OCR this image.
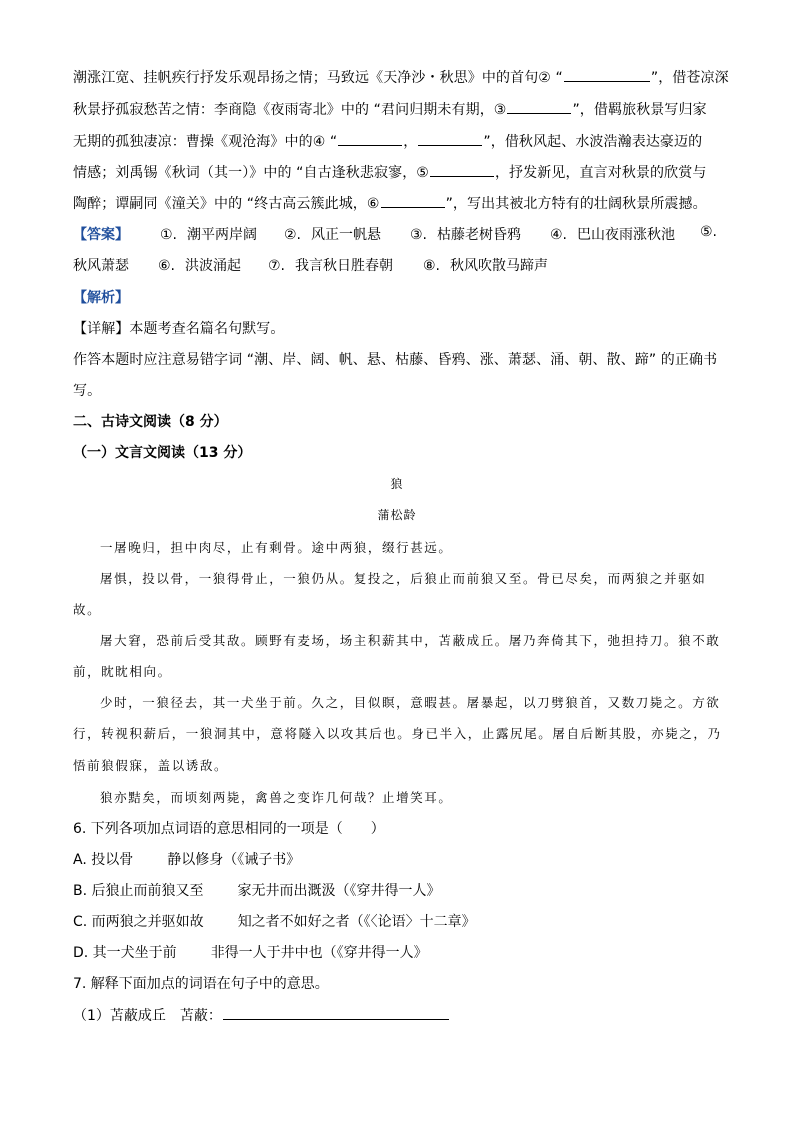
潮涨江宽、挂帆疾行抒发乐观昂扬之情；马致远《天净沙・秋思》中的首句② “	”，借苍凉深
秋景抒孤寂愁苦之情：李商隐《夜雨寄北》中的 “君问归期未有期，③	”，借羁旅秋景写归家
无期的孤独凄凉：曹操《观沧海》中的④ “	，	”，借秋风起、水波浩瀚表达豪迈的
情感；刘禹锡《秋词（其一）》中的 “自古逢秋悲寂寥，⑤	，抒发新见，直言对秋景的欣赏与
陶醉；谭嗣同《潼关》中的 “终古高云簇此城，⑥	”，写出其被北方特有的壮阔秋景所震撼。
【答案】 ①. 潮平两岸阔 ②. 风正一帆悬 ③. 枯藤老树昏鸦 ④. 巴山夜雨涨秋池 ⑤.
秋风萧瑟 ⑥. 洪波涌起 ⑦. 我言秋日胜春朝 ⑧. 秋风吹散马蹄声
【解析】
【详解】本题考查名篇名句默写。
作答本题时应注意易错字词 “潮、岸、阔、帆、悬、枯藤、昏鸦、涨、萧瑟、涌、朝、散、蹄” 的正确书
写。
二、古诗文阅读（8 分）
（一）文言文阅读（13 分）
狼
蒲松龄
一屠晚归，担中肉尽，止有剩骨。途中两狼，缀行甚远。
屠惧，投以骨，一狼得骨止，一狼仍从。复投之，后狼止而前狼又至。骨已尽矣，而两狼之并驱如
故。
屠大窘，恐前后受其敌。顾野有麦场，场主积薪其中，苫蔽成丘。屠乃奔倚其下，弛担持刀。狼不敢
前，眈眈相向。
少时，一狼径去，其一犬坐于前。久之，目似瞑，意暇甚。屠暴起，以刀劈狼首，又数刀毙之。方欲
行，转视积薪后，一狼洞其中，意将隧入以攻其后也。身已半入，止露尻尾。屠自后断其股，亦毙之，乃
悟前狼假寐，盖以诱敌。
狼亦黠矣，而顷刻两毙，禽兽之变诈几何哉？止增笑耳。
6. 下列各项加点词语的意思相同的一项是（　　）
A. 投以骨 静以修身（《诫子书》
B. 后狼止而前狼又至 家无井而出溉汲（《穿井得一人》
C. 而两狼之并驱如故 知之者不如好之者（《〈论语〉十二章》
D. 其一犬坐于前 非得一人于井中也（《穿井得一人》
7. 解释下面加点的词语在句子中的意思。
（1）苫蔽成丘　苫蔽：
